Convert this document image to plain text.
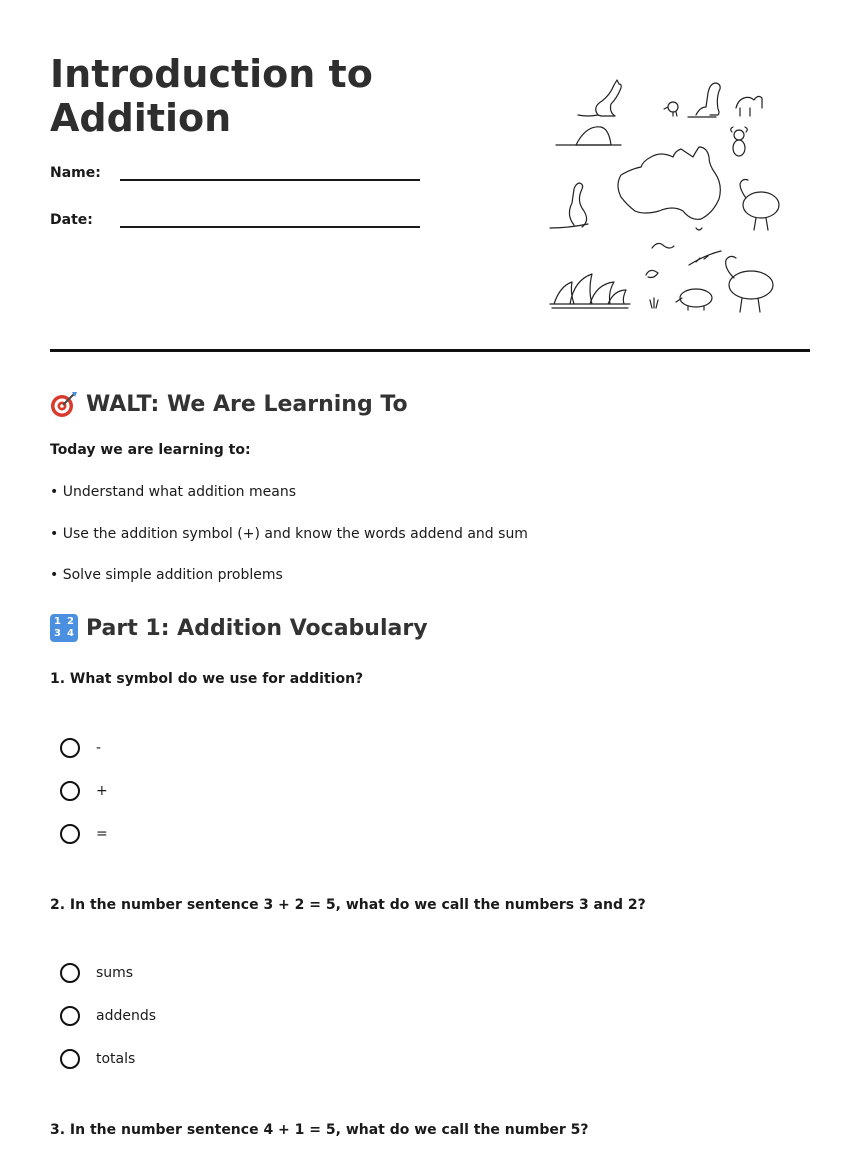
Introduction to
Addition
Name:
Date:
WALT: We Are Learning To
Today we are learning to:
• Understand what addition means
• Use the addition symbol (+) and know the words addend and sum
• Solve simple addition problems
1 2
3 4 Part 1: Addition Vocabulary
1. What symbol do we use for addition?
-
+
=
2. In the number sentence 3 + 2 = 5, what do we call the numbers 3 and 2?
sums
addends
totals
3. In the number sentence 4 + 1 = 5, what do we call the number 5?
